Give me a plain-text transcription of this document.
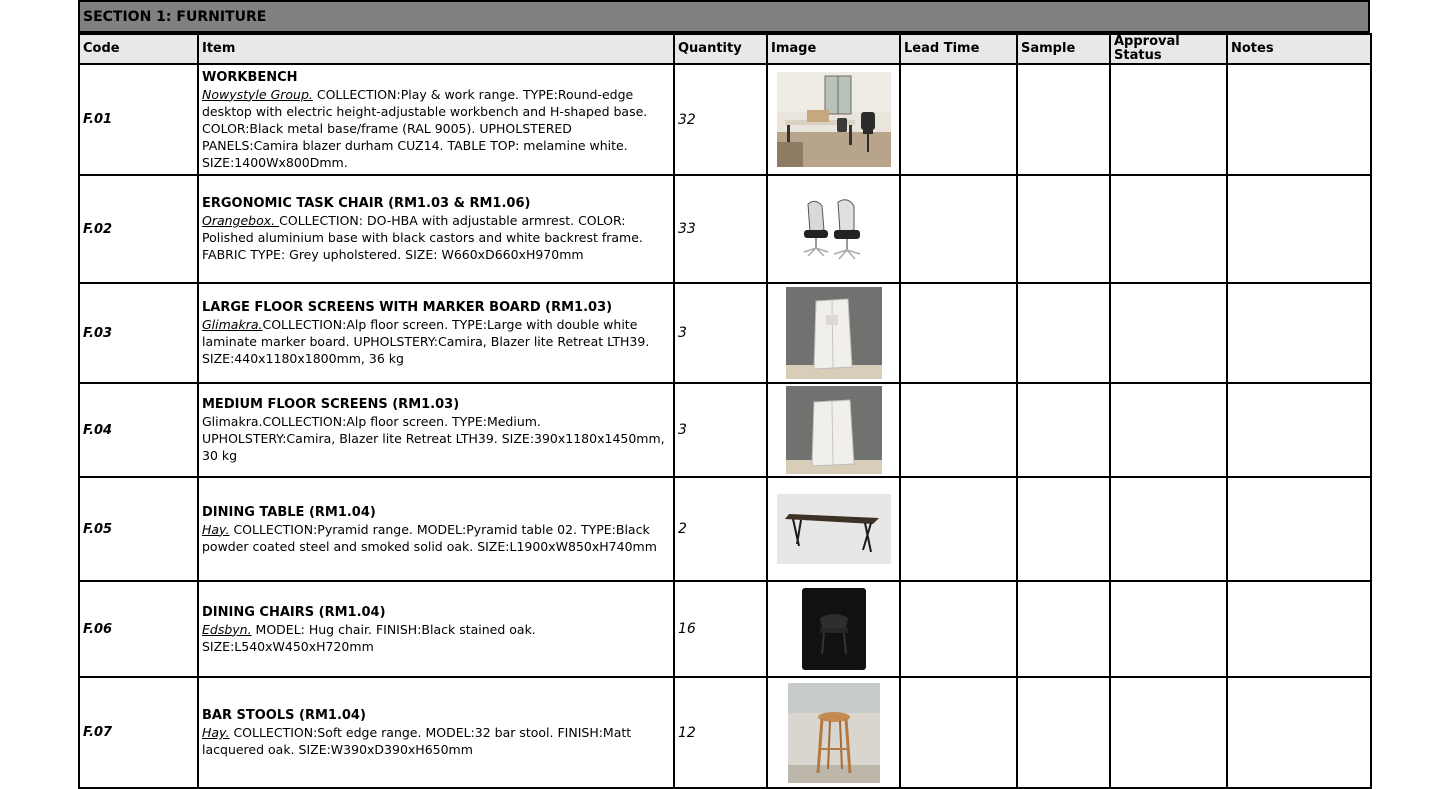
SECTION 1: FURNITURE
Code	Item	Quantity	Image	Lead Time	Sample	Approval Status	Notes
F.01	WORKBENCH
Nowystyle Group. COLLECTION:Play & work range. TYPE:Round-edge desktop with electric height-adjustable workbench and H-shaped base. COLOR:Black metal base/frame (RAL 9005). UPHOLSTERED PANELS:Camira blazer durham CUZ14. TABLE TOP: melamine white. SIZE:1400Wx800Dmm.	32					
F.02	ERGONOMIC TASK CHAIR (RM1.03 & RM1.06)
Orangebox. COLLECTION: DO-HBA with adjustable armrest. COLOR: Polished aluminium base with black castors and white backrest frame. FABRIC TYPE: Grey upholstered. SIZE: W660xD660xH970mm	33					
F.03	LARGE FLOOR SCREENS WITH MARKER BOARD (RM1.03)
Glimakra.COLLECTION:Alp floor screen. TYPE:Large with double white laminate marker board. UPHOLSTERY:Camira, Blazer lite Retreat LTH39. SIZE:440x1180x1800mm, 36 kg	3					
F.04	MEDIUM FLOOR SCREENS (RM1.03)
Glimakra.COLLECTION:Alp floor screen. TYPE:Medium. UPHOLSTERY:Camira, Blazer lite Retreat LTH39. SIZE:390x1180x1450mm, 30 kg	3					
F.05	DINING TABLE (RM1.04)
Hay. COLLECTION:Pyramid range. MODEL:Pyramid table 02. TYPE:Black powder coated steel and smoked solid oak. SIZE:L1900xW850xH740mm	2					
F.06	DINING CHAIRS (RM1.04)
Edsbyn. MODEL: Hug chair. FINISH:Black stained oak. SIZE:L540xW450xH720mm	16					
F.07	BAR STOOLS (RM1.04)
Hay. COLLECTION:Soft edge range. MODEL:32 bar stool. FINISH:Matt lacquered oak. SIZE:W390xD390xH650mm	12					
